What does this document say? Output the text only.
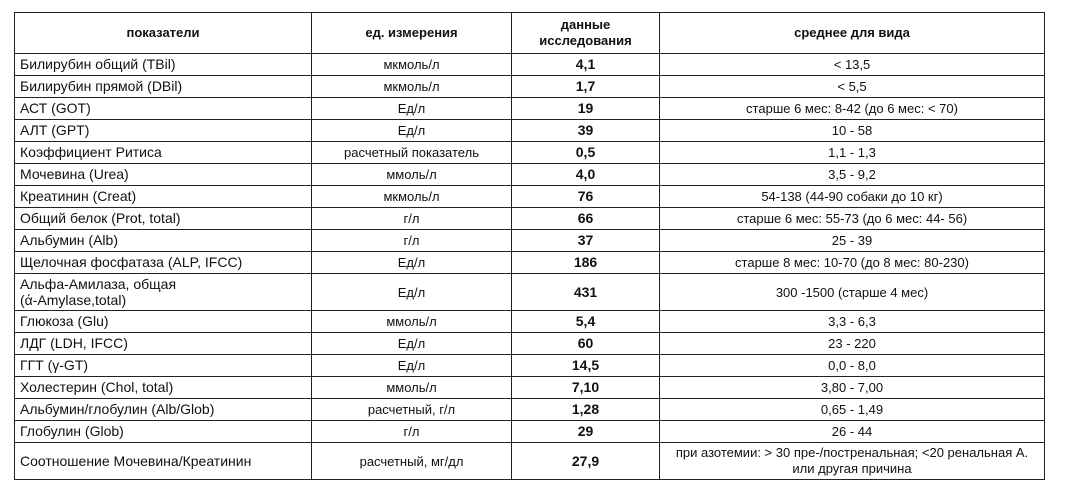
показатели	ед. измерения	данные
исследования	среднее для вида
Билирубин общий (TBil)	мкмоль/л	4,1	< 13,5
Билирубин прямой (DBil)	мкмоль/л	1,7	< 5,5
АСТ (GOT)	Ед/л	19	старше 6 мес: 8-42 (до 6 мес: < 70)
АЛТ (GPT)	Ед/л	39	10 - 58
Коэффициент Ритиса	расчетный показатель	0,5	1,1 - 1,3
Мочевина (Urea)	ммоль/л	4,0	3,5 - 9,2
Креатинин (Creat)	мкмоль/л	76	54-138 (44-90 собаки до 10 кг)
Общий белок (Prot, total)	г/л	66	старше 6 мес: 55-73 (до 6 мес: 44- 56)
Альбумин (Alb)	г/л	37	25 - 39
Щелочная фосфатаза (ALP, IFCC)	Ед/л	186	старше 8 мес: 10-70 (до 8 мес: 80-230)
Альфа-Амилаза, общая
(ά-Amylase,total)	Ед/л	431	300 -1500 (старше 4 мес)
Глюкоза (Glu)	ммоль/л	5,4	3,3 - 6,3
ЛДГ (LDH, IFCC)	Ед/л	60	23 - 220
ГГТ (γ-GT)	Ед/л	14,5	0,0 - 8,0
Холестерин (Chol, total)	ммоль/л	7,10	3,80 - 7,00
Альбумин/глобулин (Alb/Glob)	расчетный, г/л	1,28	0,65 - 1,49
Глобулин (Glob)	г/л	29	26 - 44
Соотношение Мочевина/Креатинин	расчетный, мг/дл	27,9	при азотемии: > 30 пре-/постренальная; <20 ренальная А.
или другая причина
